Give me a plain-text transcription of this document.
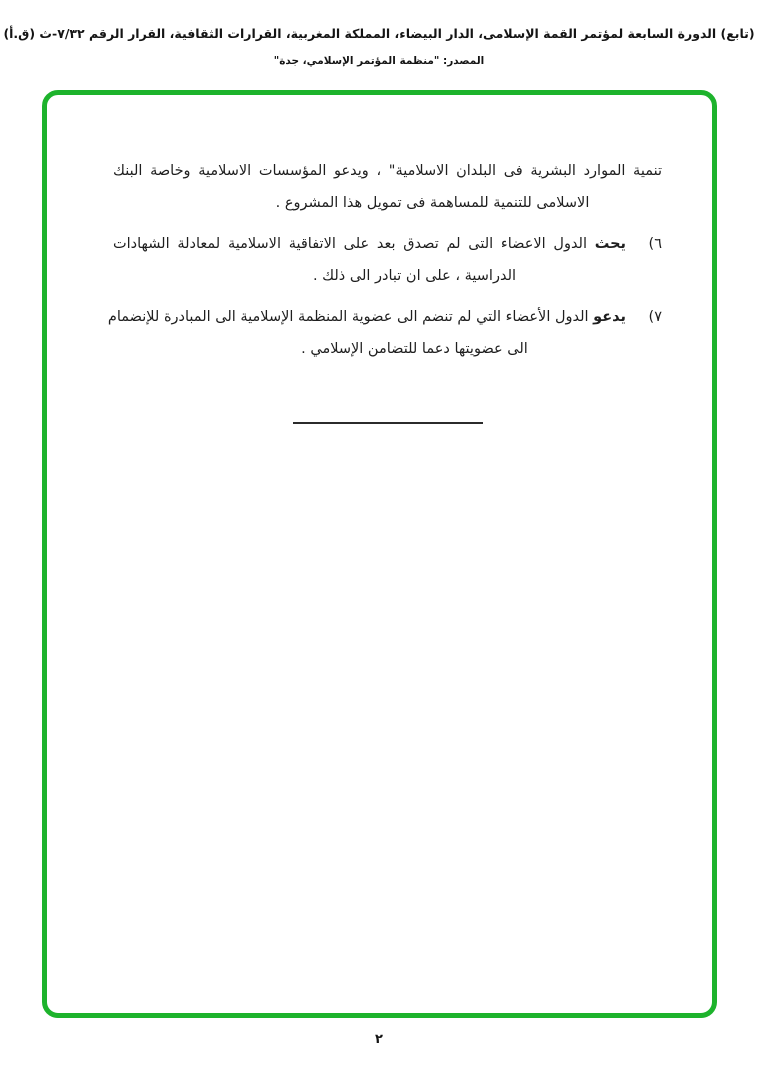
(تابع) الدورة السابعة لمؤتمر القمة الإسلامى، الدار البيضاء، المملكة المغربية، القرارات الثقافية، القرار الرقم ٧/٣٢-ث (ق.أ)
المصدر: "منظمة المؤتمر الإسلامي، جدة"
تنمية الموارد البشرية فى البلدان الاسلامية" ، ويدعو المؤسسات الاسلامية وخاصة البنك
الاسلامى للتنمية للمساهمة فى تمويل هذا المشروع .
٦)
يحث الدول الاعضاء التى لم تصدق بعد على الاتفاقية الاسلامية لمعادلة الشهادات
الدراسية ، على ان تبادر الى ذلك .
٧)
يدعو الدول الأعضاء التي لم تنضم الى عضوية المنظمة الإسلامية الى المبادرة للإنضمام
الى عضويتها دعما للتضامن الإسلامي .
٢
